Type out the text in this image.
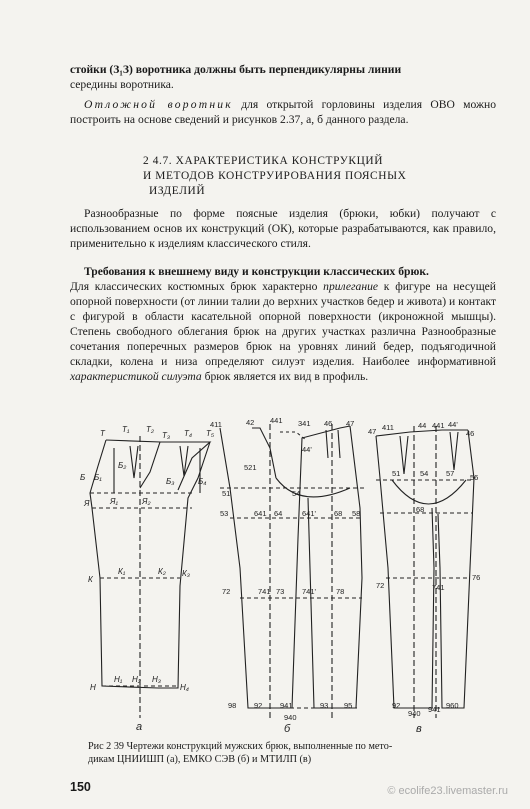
стойки (З₁З) воротника должны быть перпендикулярны линии

середины воротника.

Отложной воротник для открытой горловины изделия ОВО можно построить на основе сведений и рисунков 2.37, а, б данного раздела.

2 4.7. ХАРАКТЕРИСТИКА КОНСТРУКЦИЙ
И МЕТОДОВ КОНСТРУИРОВАНИЯ ПОЯСНЫХ
ИЗДЕЛИЙ

Разнообразные по форме поясные изделия (брюки, юбки) получают с использованием основ их конструкций (ОК), которые разрабатываются, как правило, применительно к изделиям классического стиля.

Требования к внешнему виду и конструкции классических брюк.

Для классических костюмных брюк характерно прилегание к фигуре на несущей опорной поверхности (от линии талии до верхних участков бедер и живота) и контакт с фигурой в области касательной опорной поверхности (икроножной мышцы). Степень свободного облегания брюк на других участках различна Разнообразные сочетания поперечных размеров брюк на уровнях линий бедер, подъягодичной складки, колена и низа определяют силуэт изделия. Наиболее информативной характеристикой силуэта брюк является их вид в профиль.

Т Т₁ Т₂
Т₃ Т₄ Т₅
Б Б₁
Б₂
Б₃	Б₄
Я	Я₁	Я₂
К
К₁	К₂ К₃
Н
Н₁ Н₂ Н₃
Н₄
а
411	42 441 341 46 47
44'
521
51	54
53	58
641 64	641' 68
72	741 73 741'	78
98 92 941
940
93 95
б
47 411	44 441 44'
46
51	54 57 56
68
72
76
741
92
940 941 960
в
Рис 2 39 Чертежи конструкций мужских брюк, выполненные по мето-
дикам ЦНИИШП (а), ЕМКО СЭВ (б) и МТИЛП (в)
150	© ecolife23.livemaster.ru
